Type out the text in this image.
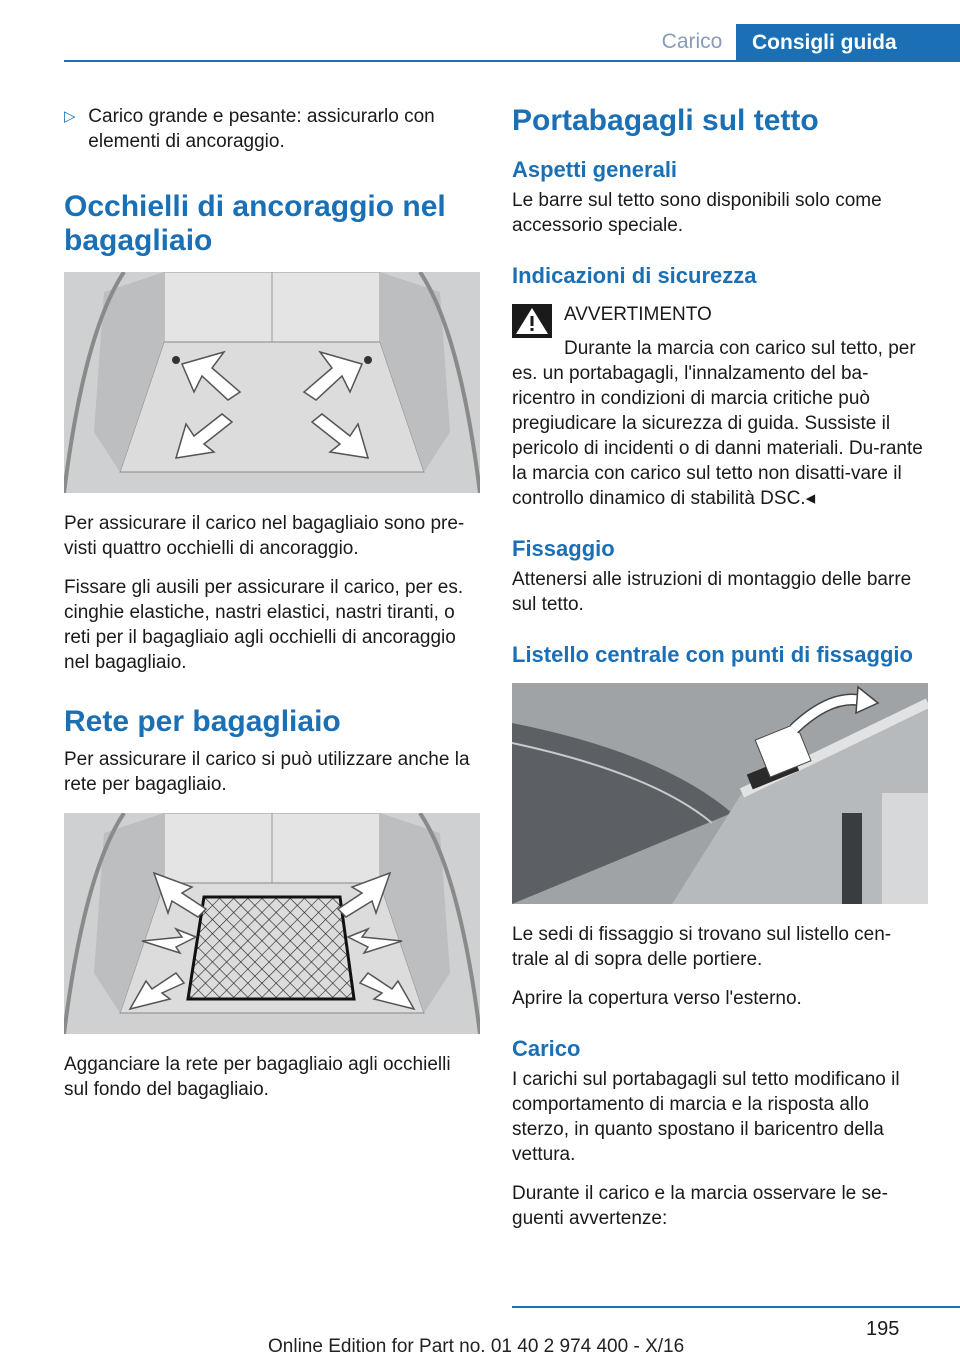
Carico	Consigli guida
▷ Carico grande e pesante: assicurarlo con elementi di ancoraggio.
Occhielli di ancoraggio nel bagagliaio

Per assicurare il carico nel bagagliaio sono pre-visti quattro occhielli di ancoraggio.

Fissare gli ausili per assicurare il carico, per es. cinghie elastiche, nastri elastici, nastri tiranti, o reti per il bagagliaio agli occhielli di ancoraggio nel bagagliaio.

Rete per bagagliaio

Per assicurare il carico si può utilizzare anche la rete per bagagliaio.

Agganciare la rete per bagagliaio agli occhielli sul fondo del bagagliaio.

Portabagagli sul tetto
Aspetti generali

Le barre sul tetto sono disponibili solo come accessorio speciale.

Indicazioni di sicurezza

AVVERTIMENTO

Durante la marcia con carico sul tetto, per es. un portabagagli, l'innalzamento del ba-ricentro in condizioni di marcia critiche può pregiudicare la sicurezza di guida. Sussiste il pericolo di incidenti o di danni materiali. Du-rante la marcia con carico sul tetto non disatti-vare il controllo dinamico di stabilità DSC.◂

Fissaggio

Attenersi alle istruzioni di montaggio delle barre sul tetto.

Listello centrale con punti di fissaggio

Le sedi di fissaggio si trovano sul listello cen-trale al di sopra delle portiere.

Aprire la copertura verso l'esterno.

Carico

I carichi sul portabagagli sul tetto modificano il comportamento di marcia e la risposta allo sterzo, in quanto spostano il baricentro della vettura.

Durante il carico e la marcia osservare le se-guenti avvertenze:

195
Online Edition for Part no. 01 40 2 974 400 - X/16
